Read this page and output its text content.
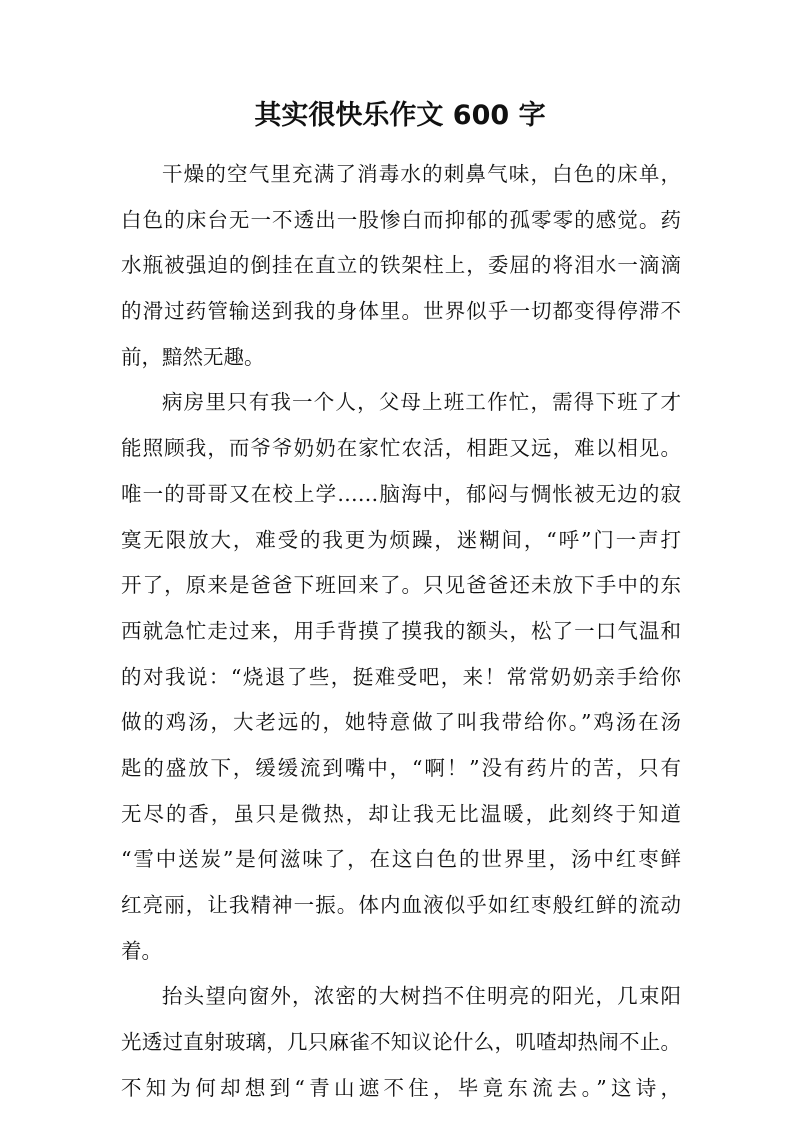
其实很快乐作文 600 字

干燥的空气里充满了消毒水的刺鼻气味，白色的床单，
白色的床台无一不透出一股惨白而抑郁的孤零零的感觉。药
水瓶被强迫的倒挂在直立的铁架柱上，委屈的将泪水一滴滴
的滑过药管输送到我的身体里。世界似乎一切都变得停滞不
前，黯然无趣。

病房里只有我一个人，父母上班工作忙，需得下班了才
能照顾我，而爷爷奶奶在家忙农活，相距又远，难以相见。
唯一的哥哥又在校上学……脑海中，郁闷与惆怅被无边的寂
寞无限放大，难受的我更为烦躁，迷糊间，“呼”门一声打
开了，原来是爸爸下班回来了。只见爸爸还未放下手中的东
西就急忙走过来，用手背摸了摸我的额头，松了一口气温和
的对我说：“烧退了些，挺难受吧，来！常常奶奶亲手给你
做的鸡汤，大老远的，她特意做了叫我带给你。”鸡汤在汤
匙的盛放下，缓缓流到嘴中，“啊！”没有药片的苦，只有
无尽的香，虽只是微热，却让我无比温暖，此刻终于知道
“雪中送炭”是何滋味了，在这白色的世界里，汤中红枣鲜
红亮丽，让我精神一振。体内血液似乎如红枣般红鲜的流动
着。

抬头望向窗外，浓密的大树挡不住明亮的阳光，几束阳
光透过直射玻璃，几只麻雀不知议论什么，叽喳却热闹不止。
不知为何却想到“青山遮不住，毕竟东流去。”这诗，
